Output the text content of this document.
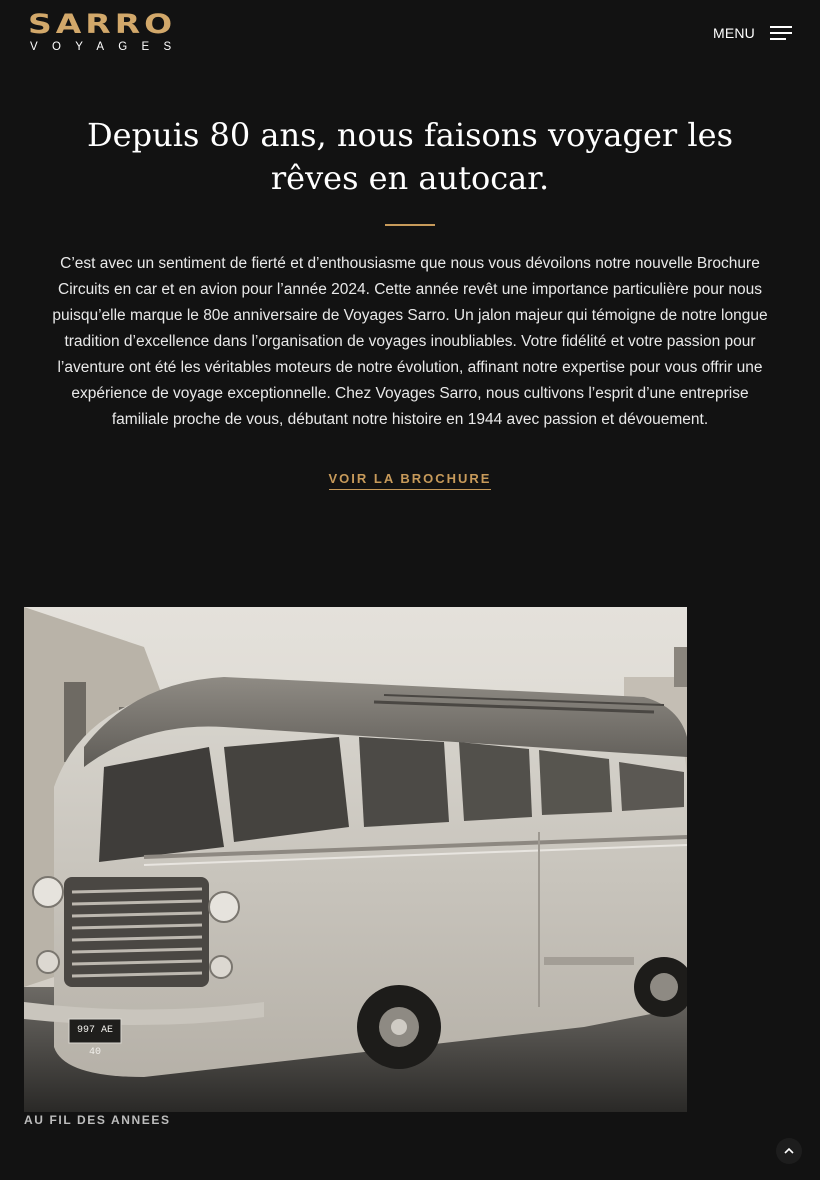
SARRO
VOYAGES
MENU
Depuis 80 ans, nous faisons voyager les rêves en autocar.

C’est avec un sentiment de fierté et d’enthousiasme que nous vous dévoilons notre nouvelle Brochure Circuits en car et en avion pour l’année 2024. Cette année revêt une importance particulière pour nous puisqu’elle marque le 80e anniversaire de Voyages Sarro. Un jalon majeur qui témoigne de notre longue tradition d’excellence dans l’organisation de voyages inoubliables. Votre fidélité et votre passion pour l’aventure ont été les véritables moteurs de notre évolution, affinant notre expertise pour vous offrir une expérience de voyage exceptionnelle. Chez Voyages Sarro, nous cultivons l’esprit d’une entreprise familiale proche de vous, débutant notre histoire en 1944 avec passion et dévouement.

VOIR LA BROCHURE
997 AE 40
AU FIL DES ANNEES
